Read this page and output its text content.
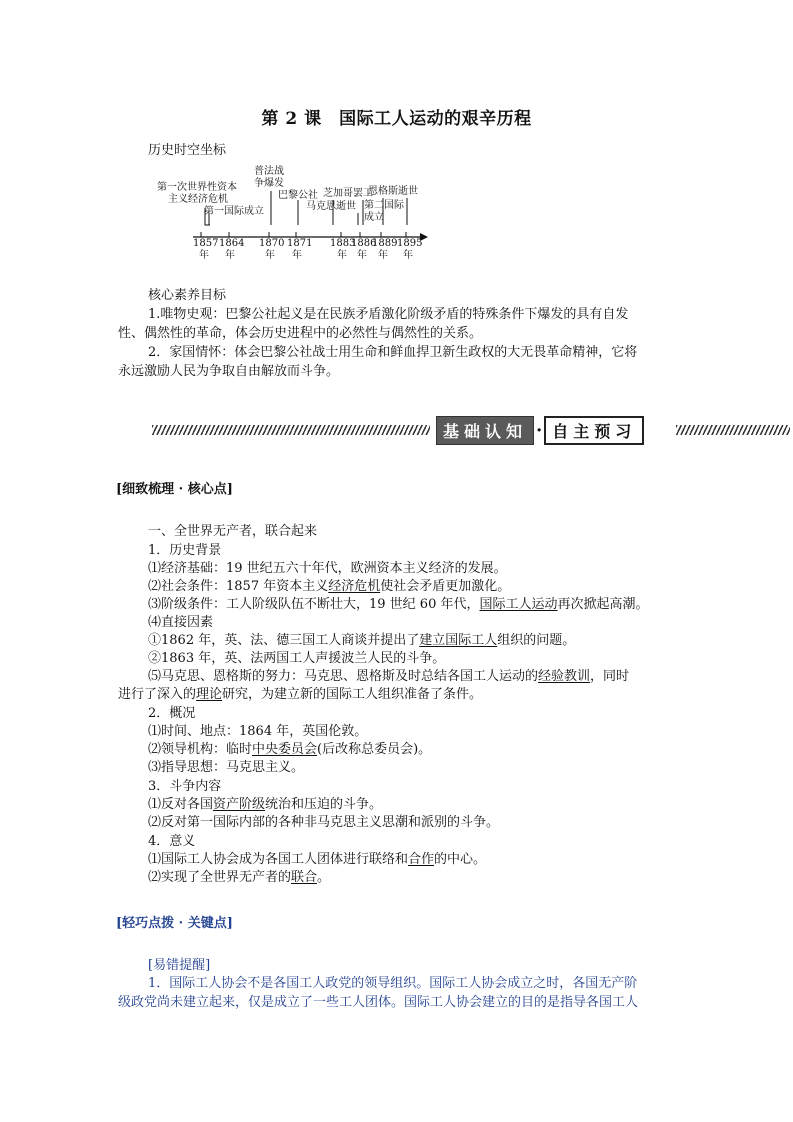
第 2 课　国际工人运动的艰辛历程
历史时空坐标
第一次世界性资本
主义经济危机
第一国际成立
普法战
争爆发
巴黎公社 芝加哥罢工
马克思逝世
恩格斯逝世
第二国际
成立
1857 1864 1870 1871 1883
1886
1889 1895
年 年	年 年	年 年 年 年
核心素养目标
1.唯物史观：巴黎公社起义是在民族矛盾激化阶级矛盾的特殊条件下爆发的具有自发
性、偶然性的革命，体会历史进程中的必然性与偶然性的关系。
2．家国情怀：体会巴黎公社战士用生命和鲜血捍卫新生政权的大无畏革命精神，它将
永远激励人民为争取自由解放而斗争。
基础认知 · 自主预习
[细致梳理 · 核心点]
一、全世界无产者，联合起来
1．历史背景
⑴经济基础：19 世纪五六十年代，欧洲资本主义经济的发展。
⑵社会条件：1857 年资本主义经济危机使社会矛盾更加激化。
⑶阶级条件：工人阶级队伍不断壮大，19 世纪 60 年代，国际工人运动再次掀起高潮。
⑷直接因素
①1862 年，英、法、德三国工人商谈并提出了建立国际工人组织的问题。
②1863 年，英、法两国工人声援波兰人民的斗争。
⑸马克思、恩格斯的努力：马克思、恩格斯及时总结各国工人运动的经验教训，同时
进行了深入的理论研究，为建立新的国际工人组织准备了条件。
2．概况
⑴时间、地点：1864 年，英国伦敦。
⑵领导机构：临时中央委员会(后改称总委员会)。
⑶指导思想：马克思主义。
3．斗争内容
⑴反对各国资产阶级统治和压迫的斗争。
⑵反对第一国际内部的各种非马克思主义思潮和派别的斗争。
4．意义
⑴国际工人协会成为各国工人团体进行联络和合作的中心。
⑵实现了全世界无产者的联合。
[轻巧点拨 · 关键点]
[易错提醒]
1．国际工人协会不是各国工人政党的领导组织。国际工人协会成立之时，各国无产阶
级政党尚未建立起来，仅是成立了一些工人团体。国际工人协会建立的目的是指导各国工人
